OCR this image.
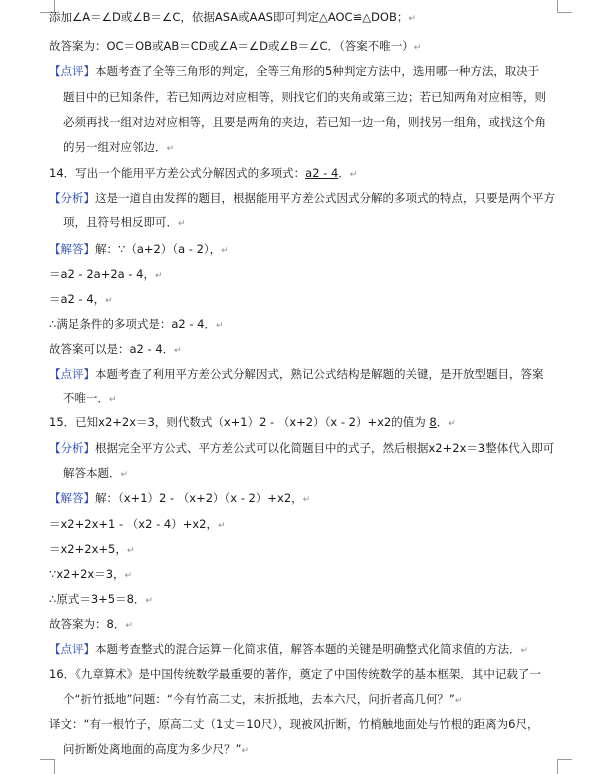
添加∠A＝∠D或∠B＝∠C，依据ASA或AAS即可判定△AOC≌△DOB；↵
故答案为：OC＝OB或AB＝CD或∠A＝∠D或∠B＝∠C．（答案不唯一）↵
【点评】本题考查了全等三角形的判定，全等三角形的5种判定方法中，选用哪一种方法，取决于
题目中的已知条件，若已知两边对应相等，则找它们的夹角或第三边；若已知两角对应相等，则
必须再找一组对边对应相等，且要是两角的夹边，若已知一边一角，则找另一组角，或找这个角
的另一组对应邻边．↵
14．写出一个能用平方差公式分解因式的多项式：a2 - 4．↵
【分析】这是一道自由发挥的题目，根据能用平方差公式因式分解的多项式的特点，只要是两个平方
项，且符号相反即可．↵
【解答】解：∵（a+2）（a - 2），↵
＝a2 - 2a+2a - 4，↵
＝a2 - 4，↵
∴满足条件的多项式是：a2 - 4．↵
故答案可以是：a2 - 4．↵
【点评】本题考查了利用平方差公式分解因式，熟记公式结构是解题的关键，是开放型题目，答案
不唯一．↵
15．已知x2+2x＝3，则代数式（x+1）2 - （x+2）（x - 2）+x2的值为 8．↵
【分析】根据完全平方公式、平方差公式可以化简题目中的式子，然后根据x2+2x＝3整体代入即可
解答本题．↵
【解答】解：（x+1）2 - （x+2）（x - 2）+x2，↵
＝x2+2x+1 - （x2 - 4）+x2，↵
＝x2+2x+5，↵
∵x2+2x＝3，↵
∴原式＝3+5＝8．↵
故答案为：8．↵
【点评】本题考查整式的混合运算－化简求值，解答本题的关键是明确整式化简求值的方法．↵
16．《九章算术》是中国传统数学最重要的著作，奠定了中国传统数学的基本框架．其中记载了一
个“折竹抵地”问题：“今有竹高二丈，末折抵地，去本六尺，问折者高几何？”↵
译文：“有一根竹子，原高二丈（1丈＝10尺），现被风折断，竹梢触地面处与竹根的距离为6尺，
问折断处离地面的高度为多少尺？”↵
